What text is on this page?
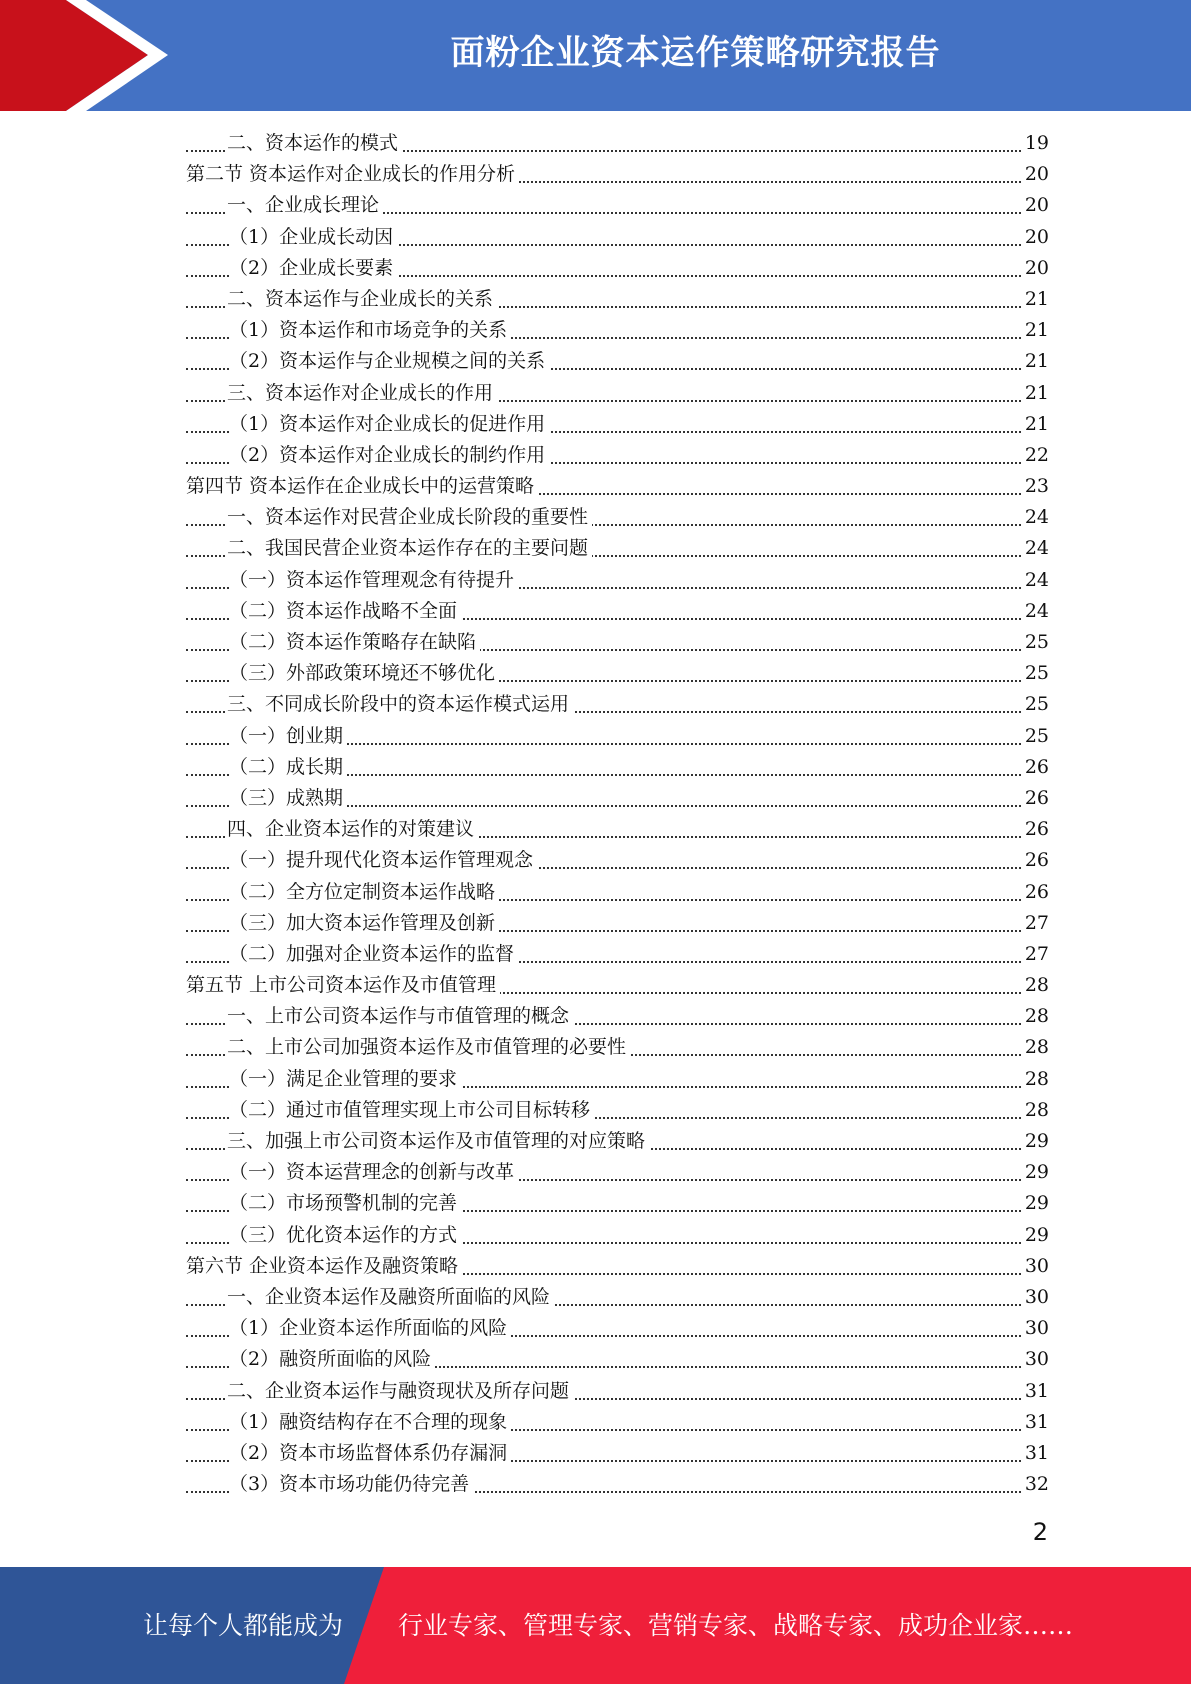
面粉企业资本运作策略研究报告
二、资本运作的模式	19
第二节 资本运作对企业成长的作用分析	20
一、企业成长理论	20
（1）企业成长动因	20
（2）企业成长要素	20
二、资本运作与企业成长的关系	21
（1）资本运作和市场竞争的关系	21
（2）资本运作与企业规模之间的关系	21
三、资本运作对企业成长的作用	21
（1）资本运作对企业成长的促进作用	21
（2）资本运作对企业成长的制约作用	22
第四节 资本运作在企业成长中的运营策略	23
一、资本运作对民营企业成长阶段的重要性	24
二、我国民营企业资本运作存在的主要问题	24
（一）资本运作管理观念有待提升	24
（二）资本运作战略不全面	24
（二）资本运作策略存在缺陷	25
（三）外部政策环境还不够优化	25
三、不同成长阶段中的资本运作模式运用	25
（一）创业期	25
（二）成长期	26
（三）成熟期	26
四、企业资本运作的对策建议	26
（一）提升现代化资本运作管理观念	26
（二）全方位定制资本运作战略	26
（三）加大资本运作管理及创新	27
（二）加强对企业资本运作的监督	27
第五节 上市公司资本运作及市值管理	28
一、上市公司资本运作与市值管理的概念	28
二、上市公司加强资本运作及市值管理的必要性	28
（一）满足企业管理的要求	28
（二）通过市值管理实现上市公司目标转移	28
三、加强上市公司资本运作及市值管理的对应策略	29
（一）资本运营理念的创新与改革	29
（二）市场预警机制的完善	29
（三）优化资本运作的方式	29
第六节 企业资本运作及融资策略	30
一、企业资本运作及融资所面临的风险	30
（1）企业资本运作所面临的风险	30
（2）融资所面临的风险	30
二、企业资本运作与融资现状及所存问题	31
（1）融资结构存在不合理的现象	31
（2）资本市场监督体系仍存漏洞	31
（3）资本市场功能仍待完善	32
2
让每个人都能成为 行业专家、管理专家、营销专家、战略专家、成功企业家……
